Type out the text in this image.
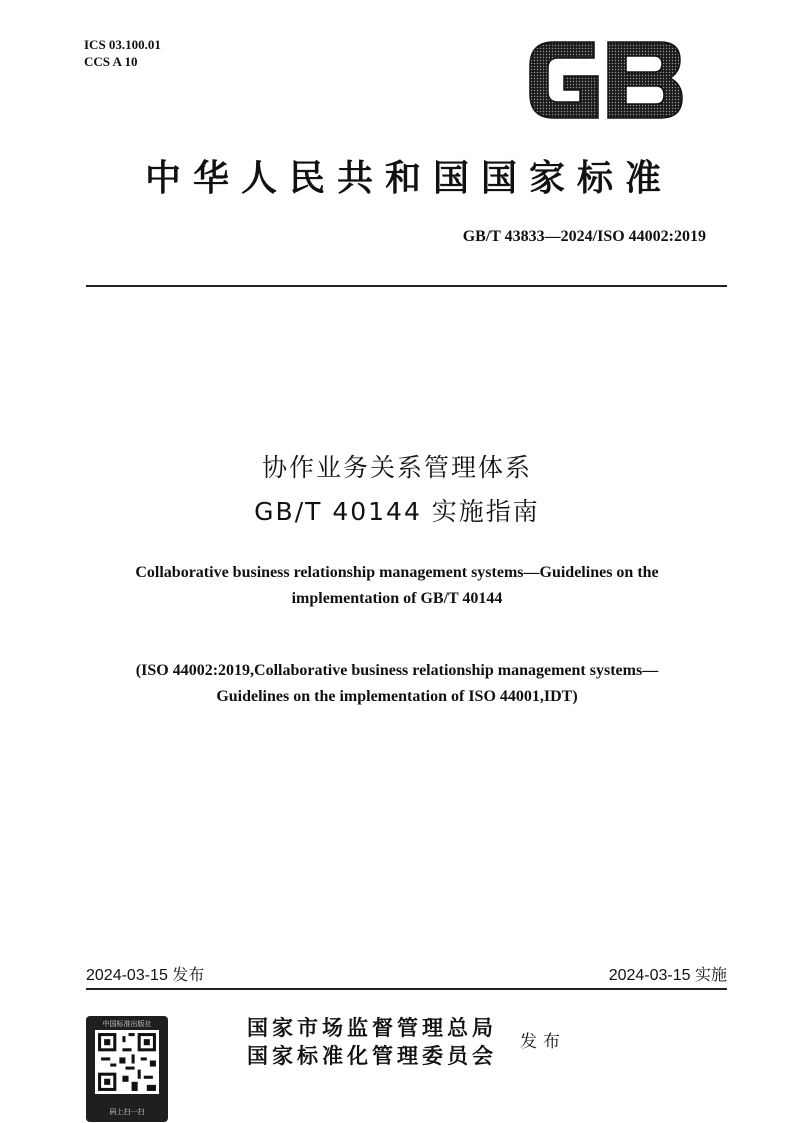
ICS 03.100.01
CCS A 10
中华人民共和国国家标准
GB/T 43833—2024/ISO 44002:2019
协作业务关系管理体系
GB/T 40144 实施指南
Collaborative business relationship management systems—Guidelines on the
implementation of GB/T 40144
(ISO 44002:2019,Collaborative business relationship management systems—
Guidelines on the implementation of ISO 44001,IDT)
2024-03-15 发布	2024-03-15 实施
中国标准出版社
码上扫一扫
国家市场监督管理总局
国家标准化管理委员会
发布
